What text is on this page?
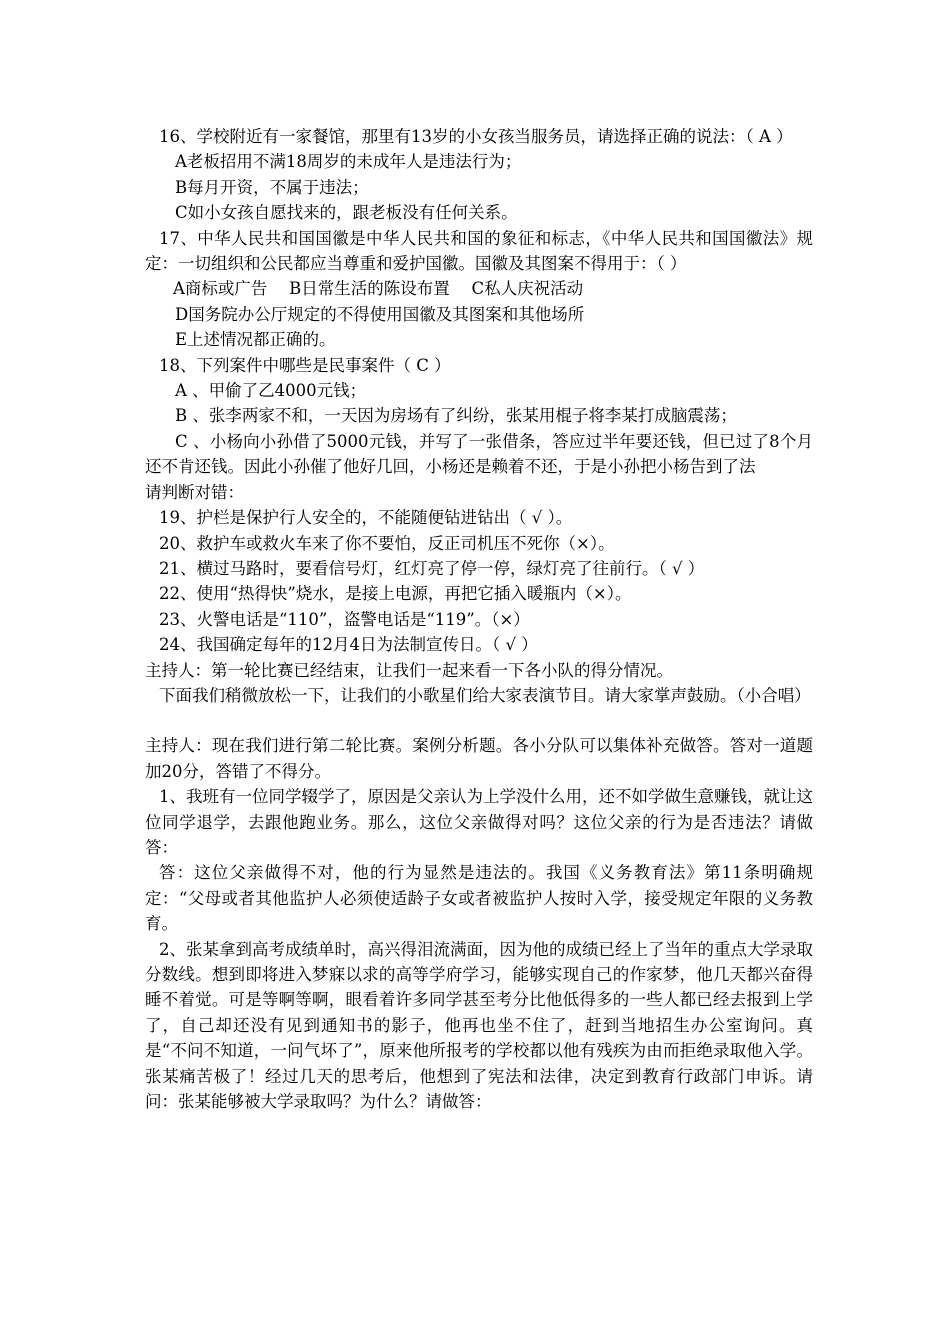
16、学校附近有一家餐馆，那里有13岁的小女孩当服务员，请选择正确的说法：（ A ）

A老板招用不满18周岁的未成年人是违法行为；

B每月开资，不属于违法；

C如小女孩自愿找来的，跟老板没有任何关系。

17、中华人民共和国国徽是中华人民共和国的象征和标志，《中华人民共和国国徽法》规定：一切组织和公民都应当尊重和爱护国徽。国徽及其图案不得用于：（ ）

A商标或广告　 B日常生活的陈设布置　 C私人庆祝活动

D国务院办公厅规定的不得使用国徽及其图案和其他场所

E上述情况都正确的。

18、下列案件中哪些是民事案件（ C ）

A 、甲偷了乙4000元钱；

B 、张李两家不和，一天因为房场有了纠纷，张某用棍子将李某打成脑震荡；

C 、小杨向小孙借了5000元钱，并写了一张借条，答应过半年要还钱，但已过了8个月还不肯还钱。因此小孙催了他好几回，小杨还是赖着不还，于是小孙把小杨告到了法

请判断对错：

19、护栏是保护行人安全的，不能随便钻进钻出（ √ ）。

20、救护车或救火车来了你不要怕，反正司机压不死你（×）。

21、横过马路时，要看信号灯，红灯亮了停一停，绿灯亮了往前行。（ √ ）

22、使用“热得快”烧水，是接上电源，再把它插入暖瓶内（×）。

23、火警电话是“110”，盗警电话是“119”。（×）

24、我国确定每年的12月4日为法制宣传日。（ √ ）

主持人：第一轮比赛已经结束，让我们一起来看一下各小队的得分情况。

下面我们稍微放松一下，让我们的小歌星们给大家表演节目。请大家掌声鼓励。（小合唱）

主持人：现在我们进行第二轮比赛。案例分析题。各小分队可以集体补充做答。答对一道题加20分，答错了不得分。

1、我班有一位同学辍学了，原因是父亲认为上学没什么用，还不如学做生意赚钱，就让这位同学退学，去跟他跑业务。那么，这位父亲做得对吗？这位父亲的行为是否违法？请做答：

答：这位父亲做得不对，他的行为显然是违法的。我国《义务教育法》第11条明确规定：“父母或者其他监护人必须使适龄子女或者被监护人按时入学，接受规定年限的义务教育。

2、张某拿到高考成绩单时，高兴得泪流满面，因为他的成绩已经上了当年的重点大学录取分数线。想到即将进入梦寐以求的高等学府学习，能够实现自己的作家梦，他几天都兴奋得睡不着觉。可是等啊等啊，眼看着许多同学甚至考分比他低得多的一些人都已经去报到上学了，自己却还没有见到通知书的影子，他再也坐不住了，赶到当地招生办公室询问。真是“不问不知道，一问气坏了”，原来他所报考的学校都以他有残疾为由而拒绝录取他入学。张某痛苦极了！经过几天的思考后，他想到了宪法和法律，决定到教育行政部门申诉。请问：张某能够被大学录取吗？为什么？请做答：
